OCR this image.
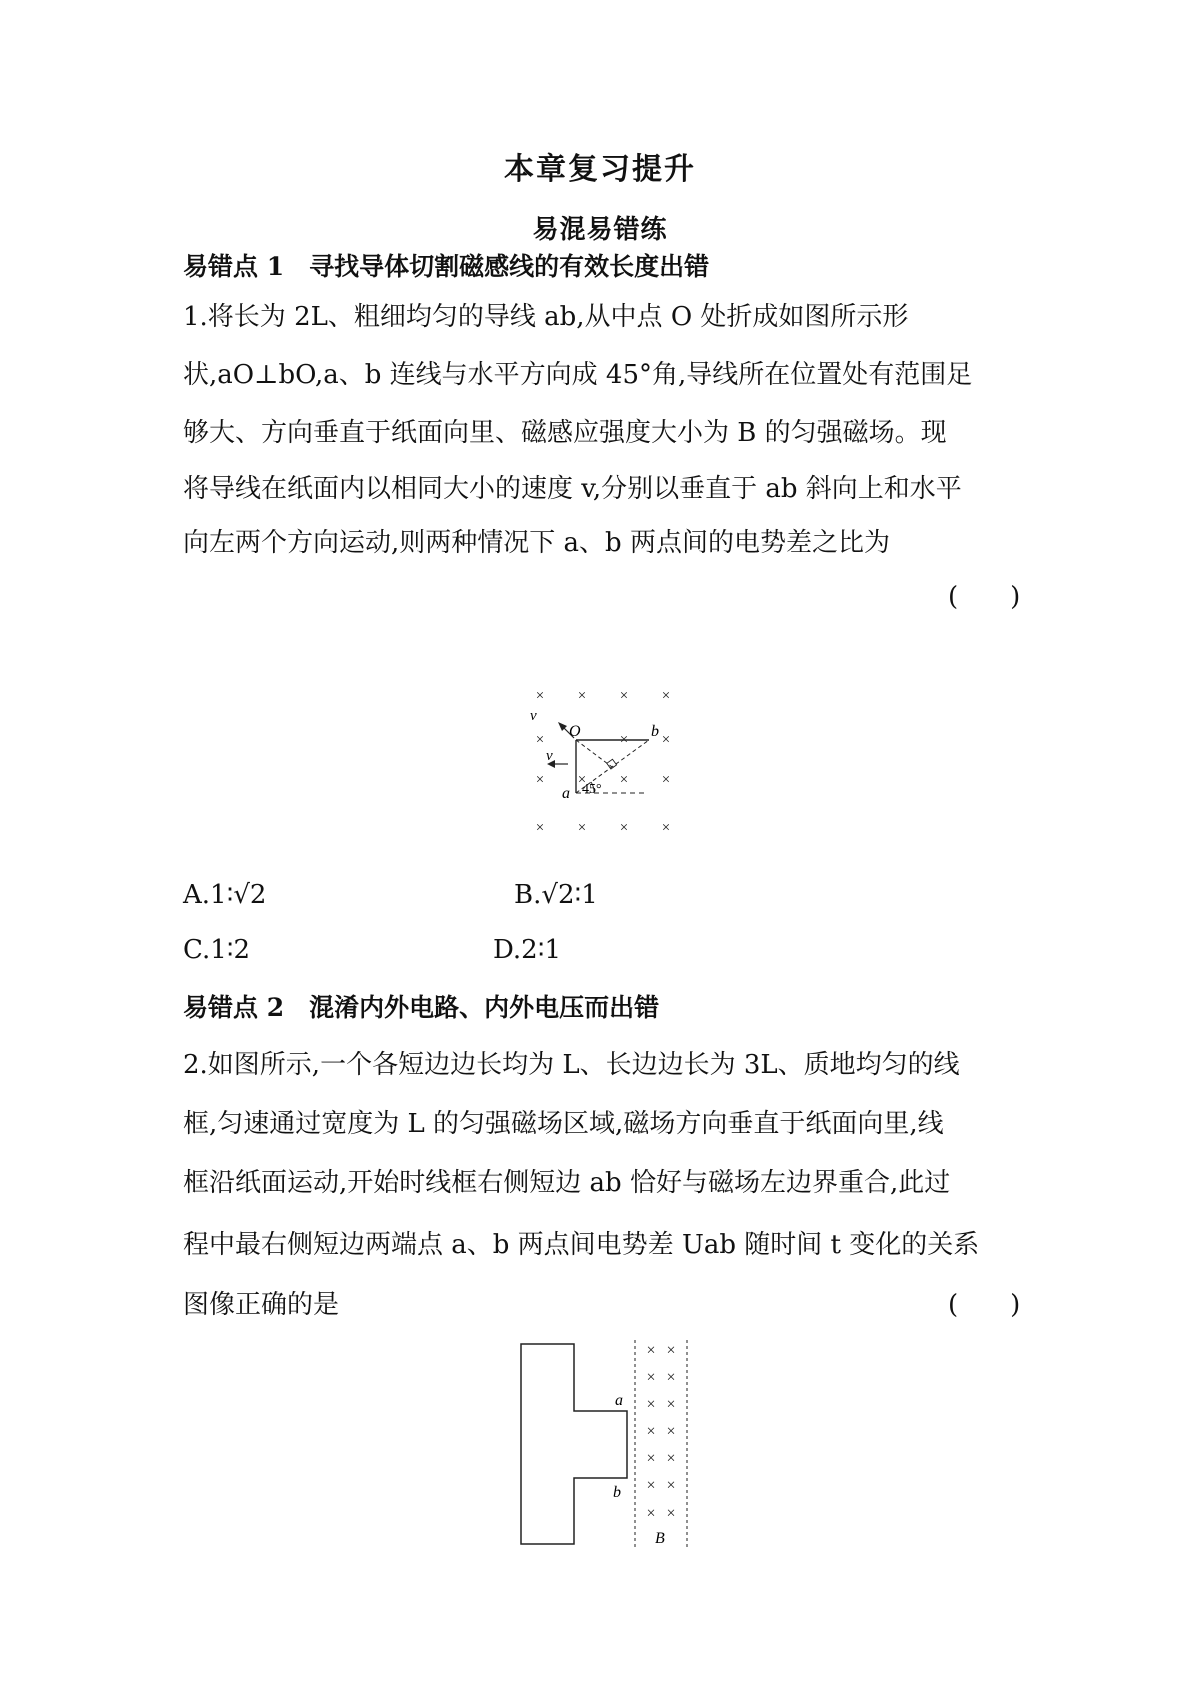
本章复习提升
易混易错练
易错点 1　寻找导体切割磁感线的有效长度出错
1.将长为 2L、粗细均匀的导线 ab,从中点 O 处折成如图所示形
状,aO⊥bO,a、b 连线与水平方向成 45°角,导线所在位置处有范围足
够大、方向垂直于纸面向里、磁感应强度大小为 B 的匀强磁场。现
将导线在纸面内以相同大小的速度 v,分别以垂直于 ab 斜向上和水平
向左两个方向运动,则两种情况下 a、b 两点间的电势差之比为
(　　)
× × × ×
×	× ×
× × × ×
× × × ×
v
O	b
v
a 45°
A.1∶√2	B.√2∶1
C.1∶2	D.2∶1
易错点 2　混淆内外电路、内外电压而出错
2.如图所示,一个各短边边长均为 L、长边边长为 3L、质地均匀的线
框,匀速通过宽度为 L 的匀强磁场区域,磁场方向垂直于纸面向里,线
框沿纸面运动,开始时线框右侧短边 ab 恰好与磁场左边界重合,此过
程中最右侧短边两端点 a、b 两点间电势差 Uab 随时间 t 变化的关系
图像正确的是	(　　)
× ×
× ×
× ×
× ×
× ×
× ×
× ×
a
b
B
